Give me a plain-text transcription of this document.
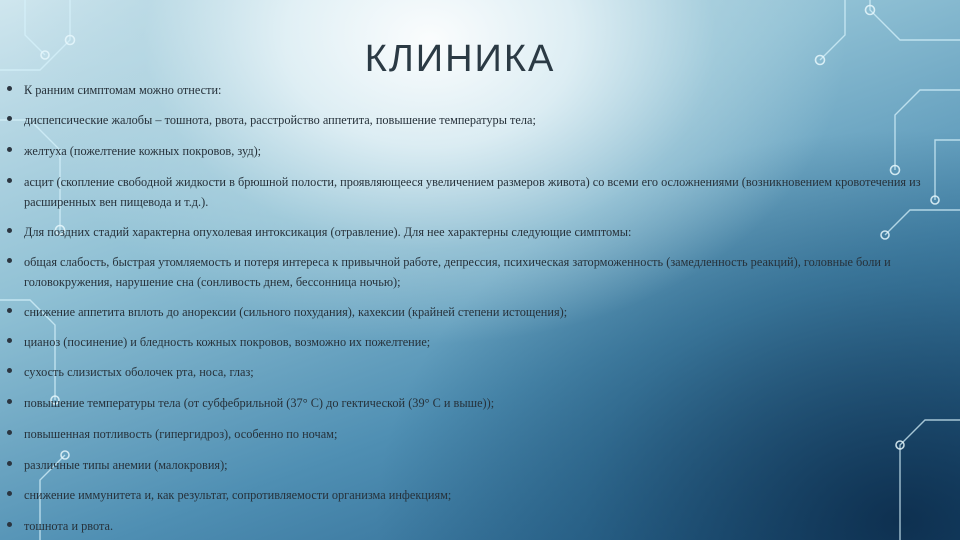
КЛИНИКА
К ранним симптомам можно отнести:
диспепсические жалобы – тошнота, рвота, расстройство аппетита, повышение температуры тела;
желтуха (пожелтение кожных покровов, зуд);
асцит (скопление свободной жидкости в брюшной полости, проявляющееся увеличением размеров живота) со всеми его осложнениями (возникновением кровотечения из расширенных вен пищевода и т.д.).
Для поздних стадий характерна опухолевая интоксикация (отравление). Для нее характерны следующие симптомы:
общая слабость, быстрая утомляемость и потеря интереса к привычной работе, депрессия, психическая заторможенность (замедленность реакций), головные боли и головокружения, нарушение сна (сонливость днем, бессонница ночью);
снижение аппетита вплоть до анорексии (сильного похудания), кахексии (крайней степени истощения);
цианоз (посинение) и бледность кожных покровов, возможно их пожелтение;
сухость слизистых оболочек рта, носа, глаз;
повышение температуры тела (от субфебрильной (37° С) до гектической (39° С и выше));
повышенная потливость (гипергидроз), особенно по ночам;
различные типы анемии (малокровия);
снижение иммунитета и, как результат, сопротивляемости организма инфекциям;
тошнота и рвота.
